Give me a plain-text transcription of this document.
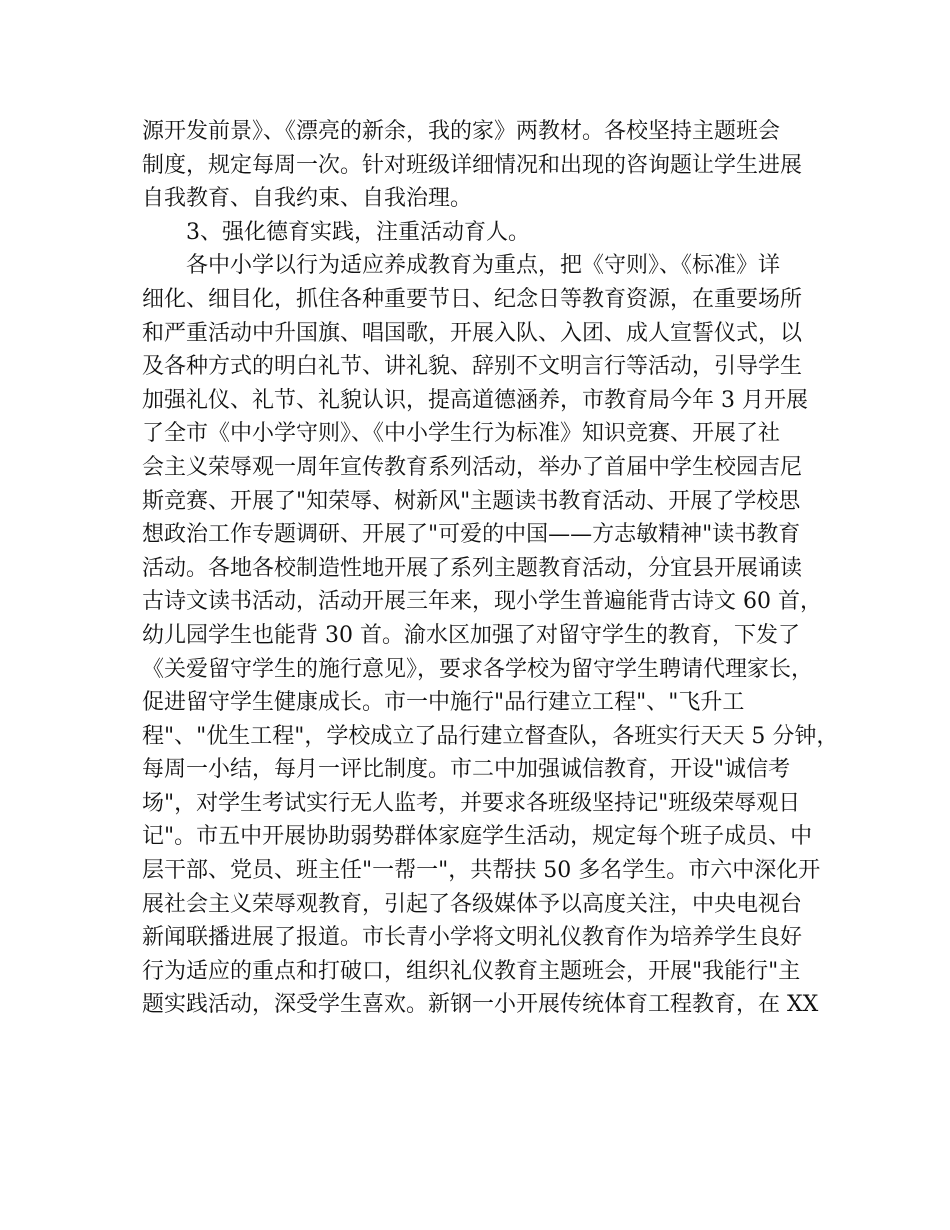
源开发前景》、《漂亮的新余，我的家》两教材。各校坚持主题班会
制度，规定每周一次。针对班级详细情况和出现的咨询题让学生进展
自我教育、自我约束、自我治理。
3、强化德育实践，注重活动育人。
各中小学以行为适应养成教育为重点，把《守则》、《标准》详
细化、细目化，抓住各种重要节日、纪念日等教育资源，在重要场所
和严重活动中升国旗、唱国歌，开展入队、入团、成人宣誓仪式，以
及各种方式的明白礼节、讲礼貌、辞别不文明言行等活动，引导学生
加强礼仪、礼节、礼貌认识，提高道德涵养，市教育局今年 3 月开展
了全市《中小学守则》、《中小学生行为标准》知识竞赛、开展了社
会主义荣辱观一周年宣传教育系列活动，举办了首届中学生校园吉尼
斯竞赛、开展了"知荣辱、树新风"主题读书教育活动、开展了学校思
想政治工作专题调研、开展了"可爱的中国——方志敏精神"读书教育
活动。各地各校制造性地开展了系列主题教育活动，分宜县开展诵读
古诗文读书活动，活动开展三年来，现小学生普遍能背古诗文 60 首，
幼儿园学生也能背 30 首。渝水区加强了对留守学生的教育，下发了
《关爱留守学生的施行意见》，要求各学校为留守学生聘请代理家长，
促进留守学生健康成长。市一中施行"品行建立工程"、"飞升工
程"、"优生工程"，学校成立了品行建立督查队，各班实行天天 5 分钟，
每周一小结，每月一评比制度。市二中加强诚信教育，开设"诚信考
场"，对学生考试实行无人监考，并要求各班级坚持记"班级荣辱观日
记"。市五中开展协助弱势群体家庭学生活动，规定每个班子成员、中
层干部、党员、班主任"一帮一"，共帮扶 50 多名学生。市六中深化开
展社会主义荣辱观教育，引起了各级媒体予以高度关注，中央电视台
新闻联播进展了报道。市长青小学将文明礼仪教育作为培养学生良好
行为适应的重点和打破口，组织礼仪教育主题班会，开展"我能行"主
题实践活动，深受学生喜欢。新钢一小开展传统体育工程教育，在 XX
